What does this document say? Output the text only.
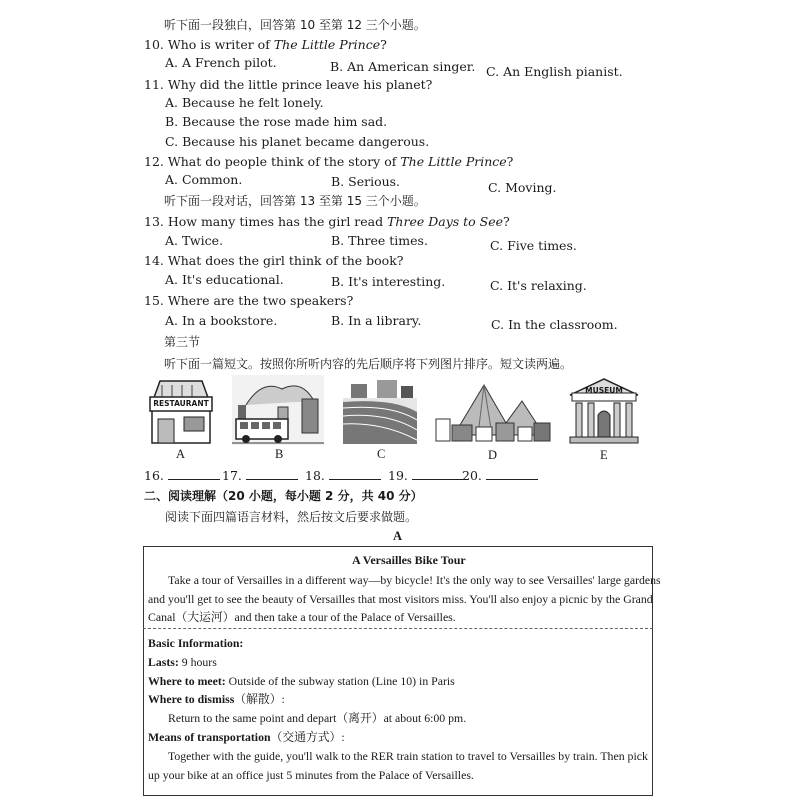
听下面一段独白，回答第 10 至第 12 三个小题。
10. Who is writer of The Little Prince?
A. A French pilot.	B. An American singer. C. An English pianist.
11. Why did the little prince leave his planet?
A. Because he felt lonely.
B. Because the rose made him sad.
C. Because his planet became dangerous.
12. What do people think of the story of The Little Prince?
A. Common.	B. Serious.	C. Moving.
听下面一段对话，回答第 13 至第 15 三个小题。
13. How many times has the girl read Three Days to See?
A. Twice.	B. Three times.	C. Five times.
14. What does the girl think of the book?
A. It's educational.	B. It's interesting.	C. It's relaxing.
15. Where are the two speakers?
A. In a bookstore.	B. In a library.	C. In the classroom.
第三节
听下面一篇短文。按照你所听内容的先后顺序将下列图片排序。短文读两遍。
RESTAURANT
MUSEUM
A	B	C	D	E
16.	17.	18.	19.	20.
二、阅读理解（20 小题，每小题 2 分，共 40 分）
阅读下面四篇语言材料，然后按文后要求做题。
A
A Versailles Bike Tour
Take a tour of Versailles in a different way—by bicycle! It's the only way to see Versailles' large gardens
and you'll get to see the beauty of Versailles that most visitors miss. You'll also enjoy a picnic by the Grand
Canal（大运河）and then take a tour of the Palace of Versailles.
Basic Information:
Lasts: 9 hours
Where to meet: Outside of the subway station (Line 10) in Paris
Where to dismiss（解散）:
Return to the same point and depart（离开）at about 6:00 pm.
Means of transportation（交通方式）:
Together with the guide, you'll walk to the RER train station to travel to Versailles by train. Then pick
up your bike at an office just 5 minutes from the Palace of Versailles.
